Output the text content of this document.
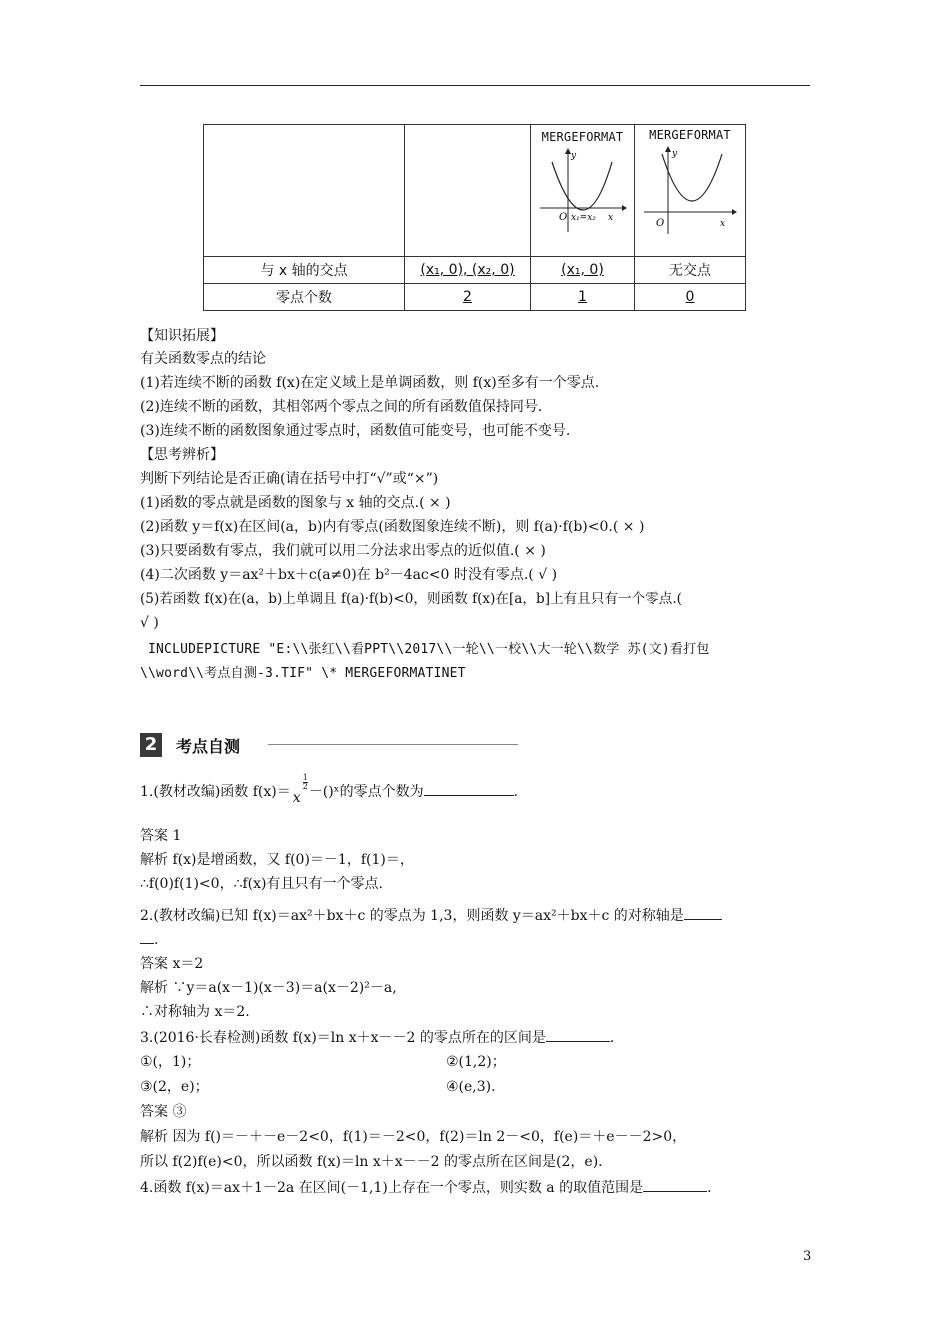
		MERGEFORMAT
y
O x₁=x₂ x	MERGEFORMAT
y
O x

与 x 轴的交点	(x₁, 0), (x₂, 0)	(x₁, 0)	无交点
零点个数	2	1	0
【知识拓展】
有关函数零点的结论
(1)若连续不断的函数 f(x)在定义域上是单调函数，则 f(x)至多有一个零点.
(2)连续不断的函数，其相邻两个零点之间的所有函数值保持同号.
(3)连续不断的函数图象通过零点时，函数值可能变号，也可能不变号.
【思考辨析】
判断下列结论是否正确(请在括号中打“√”或“×”)
(1)函数的零点就是函数的图象与 x 轴的交点.( × )
(2)函数 y＝f(x)在区间(a，b)内有零点(函数图象连续不断)，则 f(a)·f(b)<0.( × )
(3)只要函数有零点，我们就可以用二分法求出零点的近似值.( × )
(4)二次函数 y＝ax²＋bx＋c(a≠0)在 b²－4ac<0 时没有零点.( √ )
(5)若函数 f(x)在(a，b)上单调且 f(a)·f(b)<0，则函数 f(x)在[a，b]上有且只有一个零点.(
√ )
INCLUDEPICTURE "E:\\张红\\看PPT\\2017\\一轮\\一校\\大一轮\\数学 苏(文)看打包
\\word\\考点自测-3.TIF" \* MERGEFORMATINET
2 考点自测
1.(教材改编)函数 f(x)＝ x
1
2 －()ˣ的零点个数为	.
答案 1
解析 f(x)是增函数，又 f(0)＝－1，f(1)＝，
∴f(0)f(1)<0，∴f(x)有且只有一个零点.
2.(教材改编)已知 f(x)＝ax²＋bx＋c 的零点为 1,3，则函数 y＝ax²＋bx＋c 的对称轴是
.
答案 x＝2
解析 ∵y＝a(x－1)(x－3)＝a(x－2)²－a,
∴对称轴为 x＝2.
3.(2016·长春检测)函数 f(x)＝ln x＋x－－2 的零点所在的区间是	.
①(，1)；	②(1,2)；
③(2，e)；	④(e,3).
答案 ③
解析 因为 f()＝－＋－e－2<0，f(1)＝－2<0，f(2)＝ln 2－<0，f(e)＝＋e－－2>0，
所以 f(2)f(e)<0，所以函数 f(x)＝ln x＋x－－2 的零点所在区间是(2，e).
4.函数 f(x)＝ax＋1－2a 在区间(－1,1)上存在一个零点，则实数 a 的取值范围是	.
3
